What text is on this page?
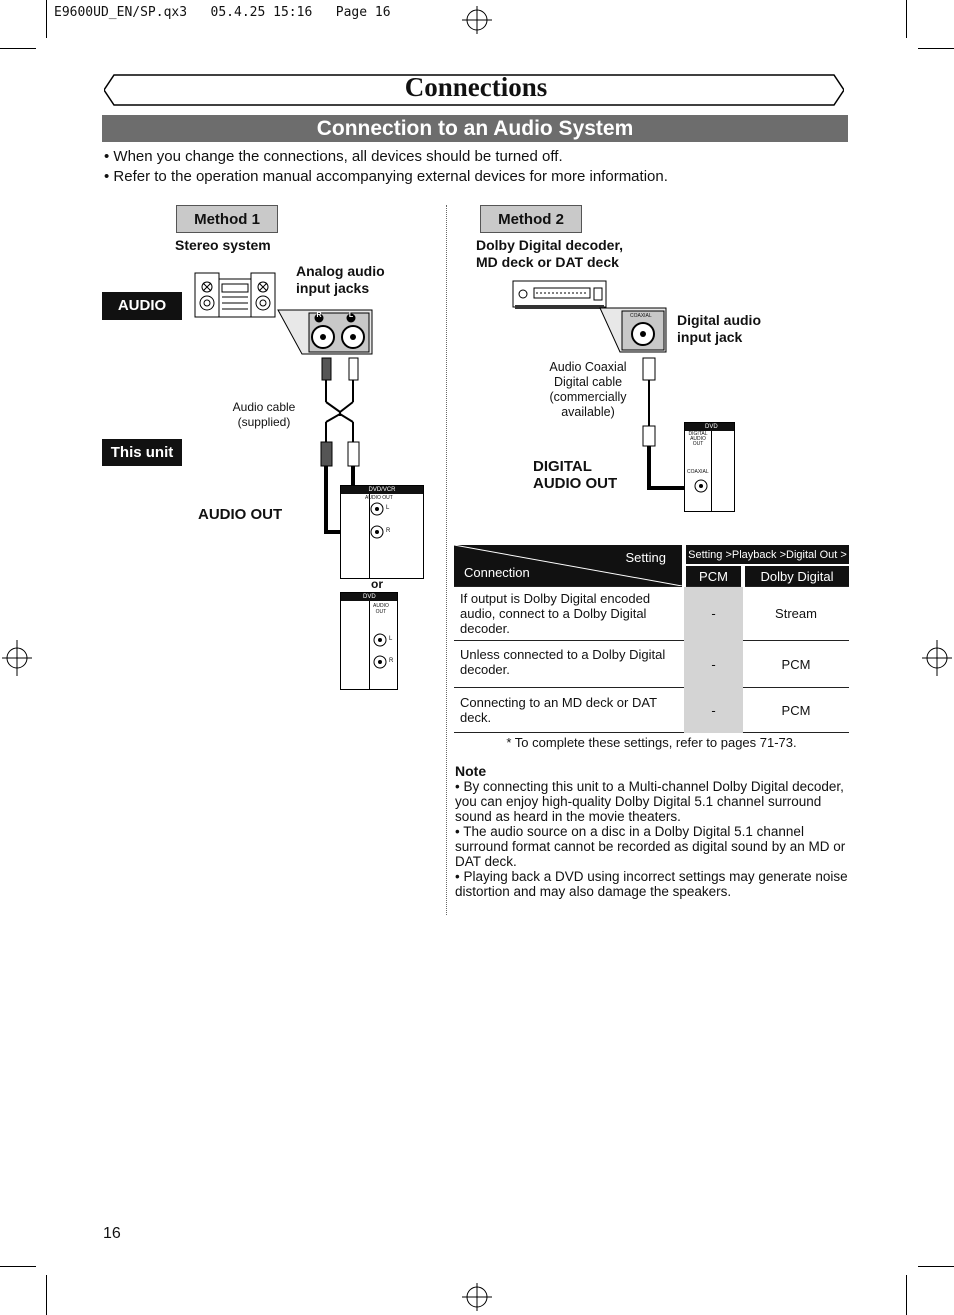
E9600UD_EN/SP.qx3   05.4.25 15:16   Page 16
Connections
Connection to an Audio System
• When you change the connections, all devices should be turned off.
• Refer to the operation manual accompanying external devices for more information.
Method 1
Stereo system
Analog audio
input jacks
AUDIO
This unit
R	L
Audio cable
(supplied)
AUDIO OUT
DVD/VCR
AUDIO OUT
L
R
or
DVD
AUDIO
OUT
L
R
Method 2
Dolby Digital decoder,
MD deck or DAT deck
COAXIAL Digital audio
input jack
Audio Coaxial
Digital cable
(commercially
available)
DIGITAL
AUDIO OUT
DVD
DIGITAL
AUDIO OUT
COAXIAL
Setting
Connection	Setting >Playback >Digital Out >	
	PCM	Dolby Digital
If output is Dolby Digital encoded audio, connect to a Dolby Digital decoder.	-	Stream
Unless connected to a Dolby Digital decoder.	-	PCM
Connecting to an MD deck or DAT deck.	-	PCM
* To complete these settings, refer to pages 71-73.
Note
• By connecting this unit to a Multi-channel Dolby Digital decoder, you can enjoy high-quality Dolby Digital 5.1 channel surround sound as heard in the movie theaters.
• The audio source on a disc in a Dolby Digital 5.1 channel surround format cannot be recorded as digital sound by an MD or DAT deck.
• Playing back a DVD using incorrect settings may generate noise distortion and may also damage the speakers.
16
